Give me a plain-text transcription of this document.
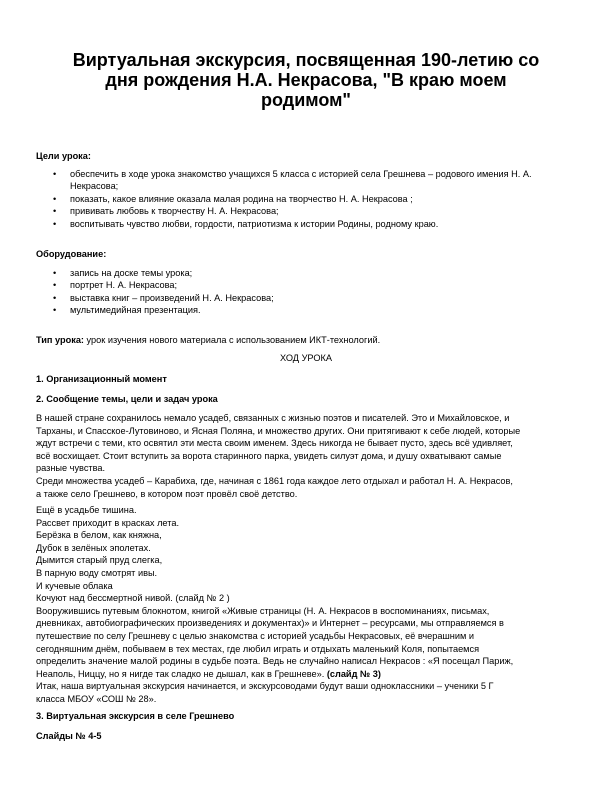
Виртуальная экскурсия, посвященная 190-летию со
дня рождения Н.А. Некрасова, "В краю моем
родимом"
Цели урока:
• обеспечить в ходе урока знакомство учащихся 5 класса с историей села Грешнева – родового имения Н. А. Некрасова;
• показать, какое влияние оказала малая родина на творчество Н. А. Некрасова ;
• прививать любовь к творчеству Н. А. Некрасова;
• воспитывать чувство любви, гордости, патриотизма к истории Родины, родному краю.
Оборудование:
• запись на доске темы урока;
• портрет Н. А. Некрасова;
• выставка книг – произведений Н. А. Некрасова;
• мультимедийная презентация.
Тип урока: урок изучения нового материала с использованием ИКТ-технологий.
ХОД УРОКА
1. Организационный момент
2. Сообщение темы, цели и задач урока
В нашей стране сохранилось немало усадеб, связанных с жизнью поэтов и писателей. Это и Михайловское, и
Тарханы, и Спасское-Лутовиново, и Ясная Поляна, и множество других. Они притягивают к себе людей, которые
ждут встречи с теми, кто освятил эти места своим именем. Здесь никогда не бывает пусто, здесь всё удивляет,
всё восхищает. Стоит вступить за ворота старинного парка, увидеть силуэт дома, и душу охватывают самые
разные чувства.
Среди множества усадеб – Карабиха, где, начиная с 1861 года каждое лето отдыхал и работал Н. А. Некрасов,
а также село Грешнево, в котором поэт провёл своё детство.
Ещё в усадьбе тишина.
Рассвет приходит в красках лета.
Берёзка в белом, как княжна,
Дубок в зелёных эполетах.
Дымится старый пруд слегка,
В парную воду смотрят ивы.
И кучевые облака
Кочуют над бессмертной нивой. (слайд № 2 )
Вооружившись путевым блокнотом, книгой «Живые страницы (Н. А. Некрасов в воспоминаниях, письмах,
дневниках, автобиографических произведениях и документах)» и Интернет – ресурсами, мы отправляемся в
путешествие по селу Грешневу с целью знакомства с историей усадьбы Некрасовых, её вчерашним и
сегодняшним днём, побываем в тех местах, где любил играть и отдыхать маленький Коля, попытаемся
определить значение малой родины в судьбе поэта. Ведь не случайно написал Некрасов : «Я посещал Париж,
Неаполь, Ниццу, но я нигде так сладко не дышал, как в Грешневе». (слайд № 3)
Итак, наша виртуальная экскурсия начинается, и экскурсоводами будут ваши одноклассники – ученики 5 Г
класса МБОУ «СОШ № 28».
3. Виртуальная экскурсия в селе Грешнево
Слайды № 4-5
